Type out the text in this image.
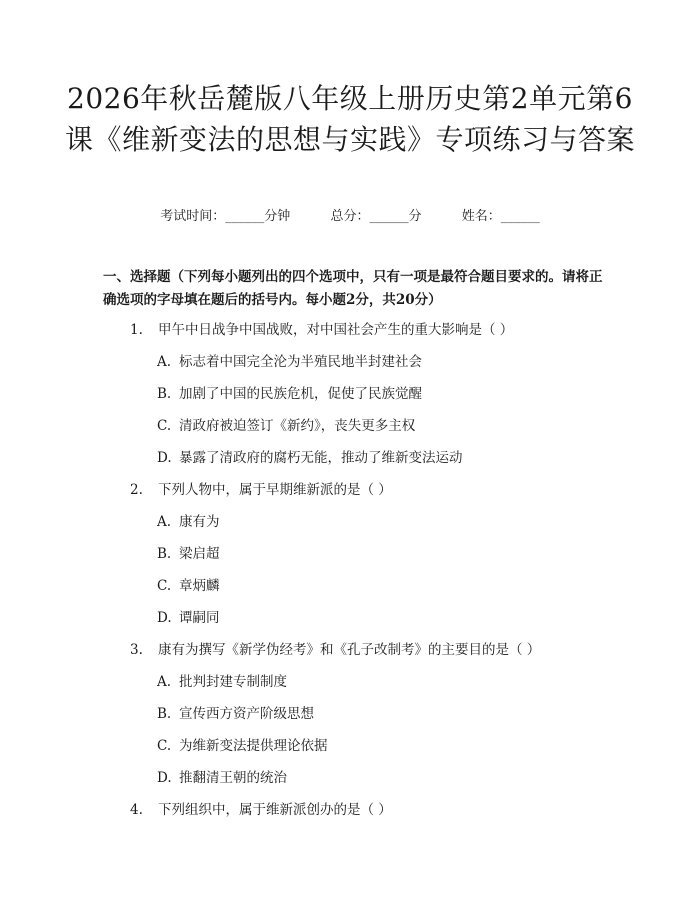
2026年秋岳麓版八年级上册历史第2单元第6课《维新变法的思想与实践》专项练习与答案
考试时间：______分钟	总分：______分	姓名：______

一、选择题（下列每小题列出的四个选项中，只有一项是最符合题目要求的。请将正确选项的字母填在题后的括号内。每小题2分，共20分）

1. 甲午中日战争中国战败，对中国社会产生的重大影响是（ ）
A. 标志着中国完全沦为半殖民地半封建社会
B. 加剧了中国的民族危机，促使了民族觉醒
C. 清政府被迫签订《新约》，丧失更多主权
D. 暴露了清政府的腐朽无能，推动了维新变法运动
2. 下列人物中，属于早期维新派的是（ ）
A. 康有为
B. 梁启超
C. 章炳麟
D. 谭嗣同
3. 康有为撰写《新学伪经考》和《孔子改制考》的主要目的是（ ）
A. 批判封建专制制度
B. 宣传西方资产阶级思想
C. 为维新变法提供理论依据
D. 推翻清王朝的统治
4. 下列组织中，属于维新派创办的是（ ）
